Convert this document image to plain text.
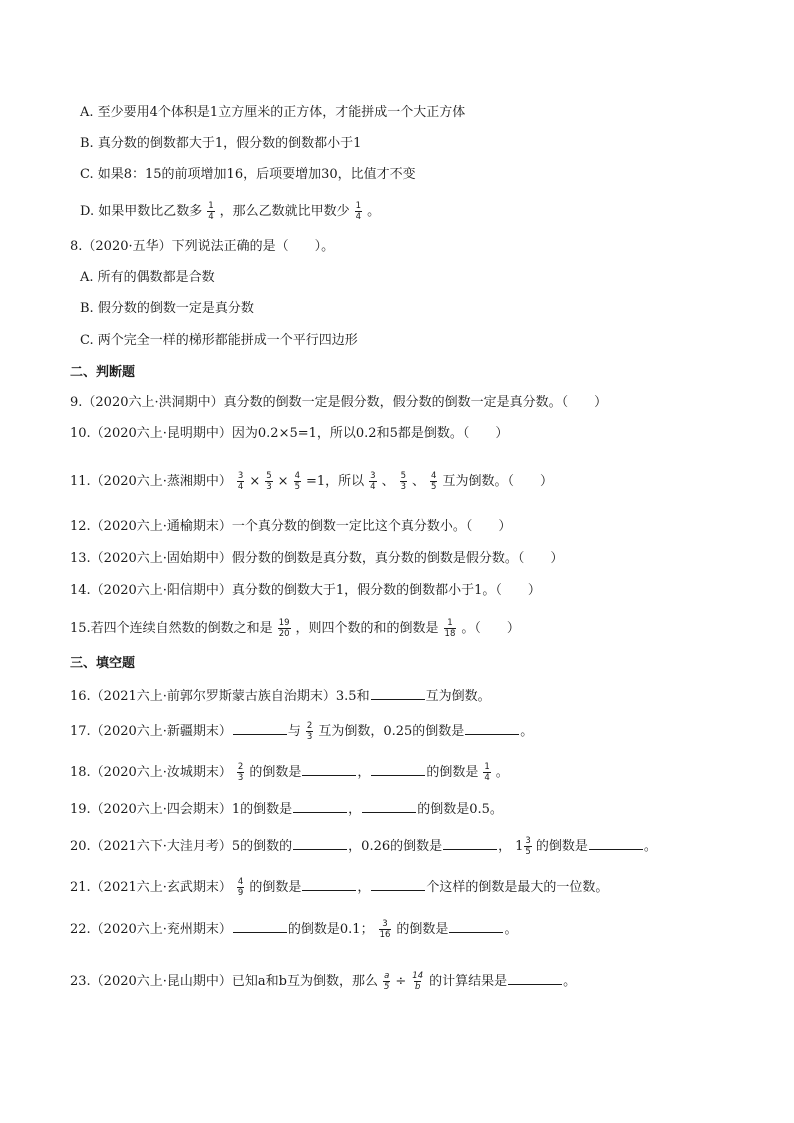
A. 至少要用4个体积是1立方厘米的正方体，才能拼成一个大正方体
B. 真分数的倒数都大于1，假分数的倒数都小于1
C. 如果8：15的前项增加16，后项要增加30，比值才不变
D. 如果甲数比乙数多 $\frac{1}{4}$ ，那么乙数就比甲数少 $\frac{1}{4}$ 。
8.（2020·五华）下列说法正确的是（　　）。
A. 所有的偶数都是合数
B. 假分数的倒数一定是真分数
C. 两个完全一样的梯形都能拼成一个平行四边形
二、判断题
9.（2020六上·洪洞期中）真分数的倒数一定是假分数，假分数的倒数一定是真分数。（　　）
10.（2020六上·昆明期中）因为0.2×5=1，所以0.2和5都是倒数。（　　）
11.（2020六上·蒸湘期中） $\frac{3}{4} \times \frac{5}{3} \times \frac{4}{5} =1$，所以 $\frac{3}{4}$ 、 $\frac{5}{3}$ 、 $\frac{4}{5}$ 互为倒数。（　　）
12.（2020六上·通榆期末）一个真分数的倒数一定比这个真分数小。（　　）
13.（2020六上·固始期中）假分数的倒数是真分数，真分数的倒数是假分数。（　　）
14.（2020六上·阳信期中）真分数的倒数大于1，假分数的倒数都小于1。（　　）
15.若四个连续自然数的倒数之和是 $\frac{19}{20}$ ，则四个数的和的倒数是 $\frac{1}{18}$ 。（　　）
三、填空题
16.（2021六上·前郭尔罗斯蒙古族自治期末）3.5和	互为倒数。
17.（2020六上·新疆期末）	与 $\frac{2}{3}$ 互为倒数，0.25的倒数是	。
18.（2020六上·汝城期末） $\frac{2}{3}$ 的倒数是	，	的倒数是 $\frac{1}{4}$ 。
19.（2020六上·四会期末）1的倒数是	，	的倒数是0.5。
20.（2021六下·大洼月考）5的倒数的	，0.26的倒数是	， $1 \frac{3}{5}$ 的倒数是	。
21.（2021六上·玄武期末） $\frac{4}{9}$ 的倒数是	，	个这样的倒数是最大的一位数。
22.（2020六上·兖州期末）	的倒数是0.1； $\frac{3}{16}$ 的倒数是	。
23.（2020六上·昆山期中）已知a和b互为倒数，那么 $\frac{a}{5} \div \frac{14}{b}$ 的计算结果是	。
